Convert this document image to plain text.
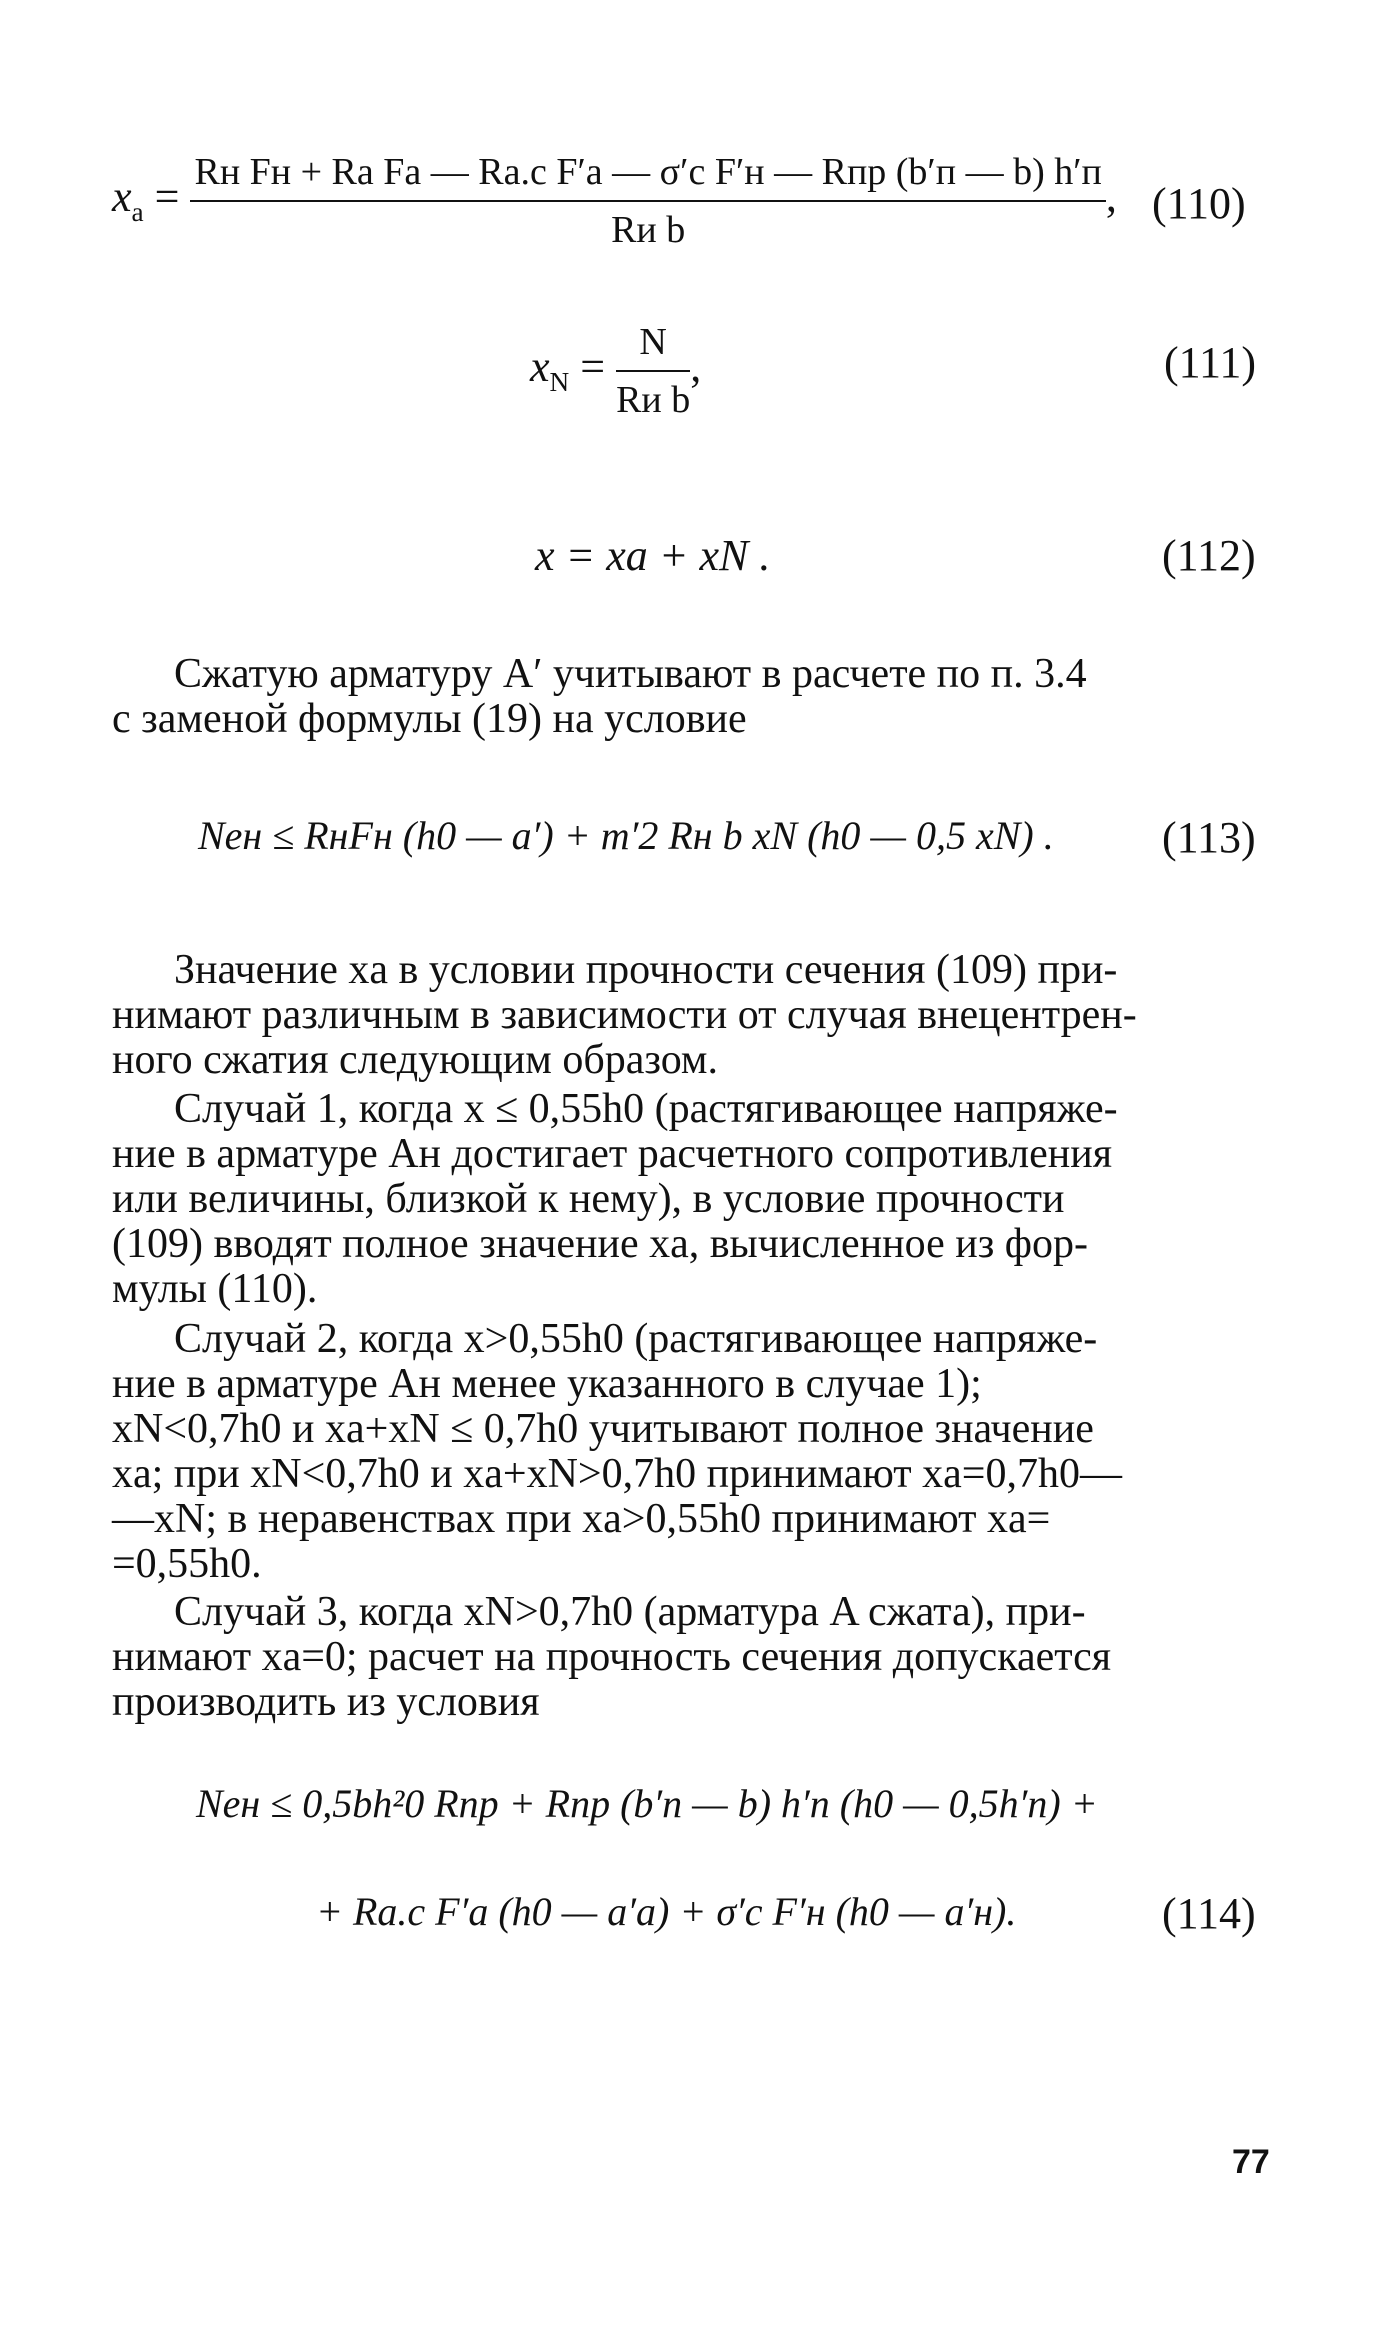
$x_а = \frac{\text{Rн Fн + Rа Fа — Rа.с F′а — σ′с F′н — Rпр (b′п — b) h′п}}{\text{Rи b}}$ , (110)
$x_N = \frac{N}{\text{Rи b}}$ ,	(111)
x = xа + xN .	(112)

Сжатую арматуру A′ учитывают в расчете по п. 3.4
с заменой формулы (19) на условие

Neн ≤ RнFн (h0 — a′) + m′2 Rн b xN (h0 — 0,5 xN) . (113)

Значение xа в условии прочности сечения (109) при-
нимают различным в зависимости от случая внецентрен-
ного сжатия следующим образом.

Случай 1, когда x ≤ 0,55h0 (растягивающее напряже-
ние в арматуре Aн достигает расчетного сопротивления
или величины, близкой к нему), в условие прочности
(109) вводят полное значение xа, вычисленное из фор-
мулы (110).

Случай 2, когда x>0,55h0 (растягивающее напряже-
ние в арматуре Aн менее указанного в случае 1);
xN<0,7h0 и xа+xN ≤ 0,7h0 учитывают полное значение
xа; при xN<0,7h0 и xа+xN>0,7h0 принимают xа=0,7h0—
—xN; в неравенствах при xа>0,55h0 принимают xа=
=0,55h0.

Случай 3, когда xN>0,7h0 (арматура A сжата), при-
нимают xа=0; расчет на прочность сечения допускается
производить из условия

Neн ≤ 0,5bh²0 Rпр + Rпр (b′п — b) h′п (h0 — 0,5h′п) +
+ Rа.с F′а (h0 — a′а) + σ′с F′н (h0 — a′н).	(114)
77
